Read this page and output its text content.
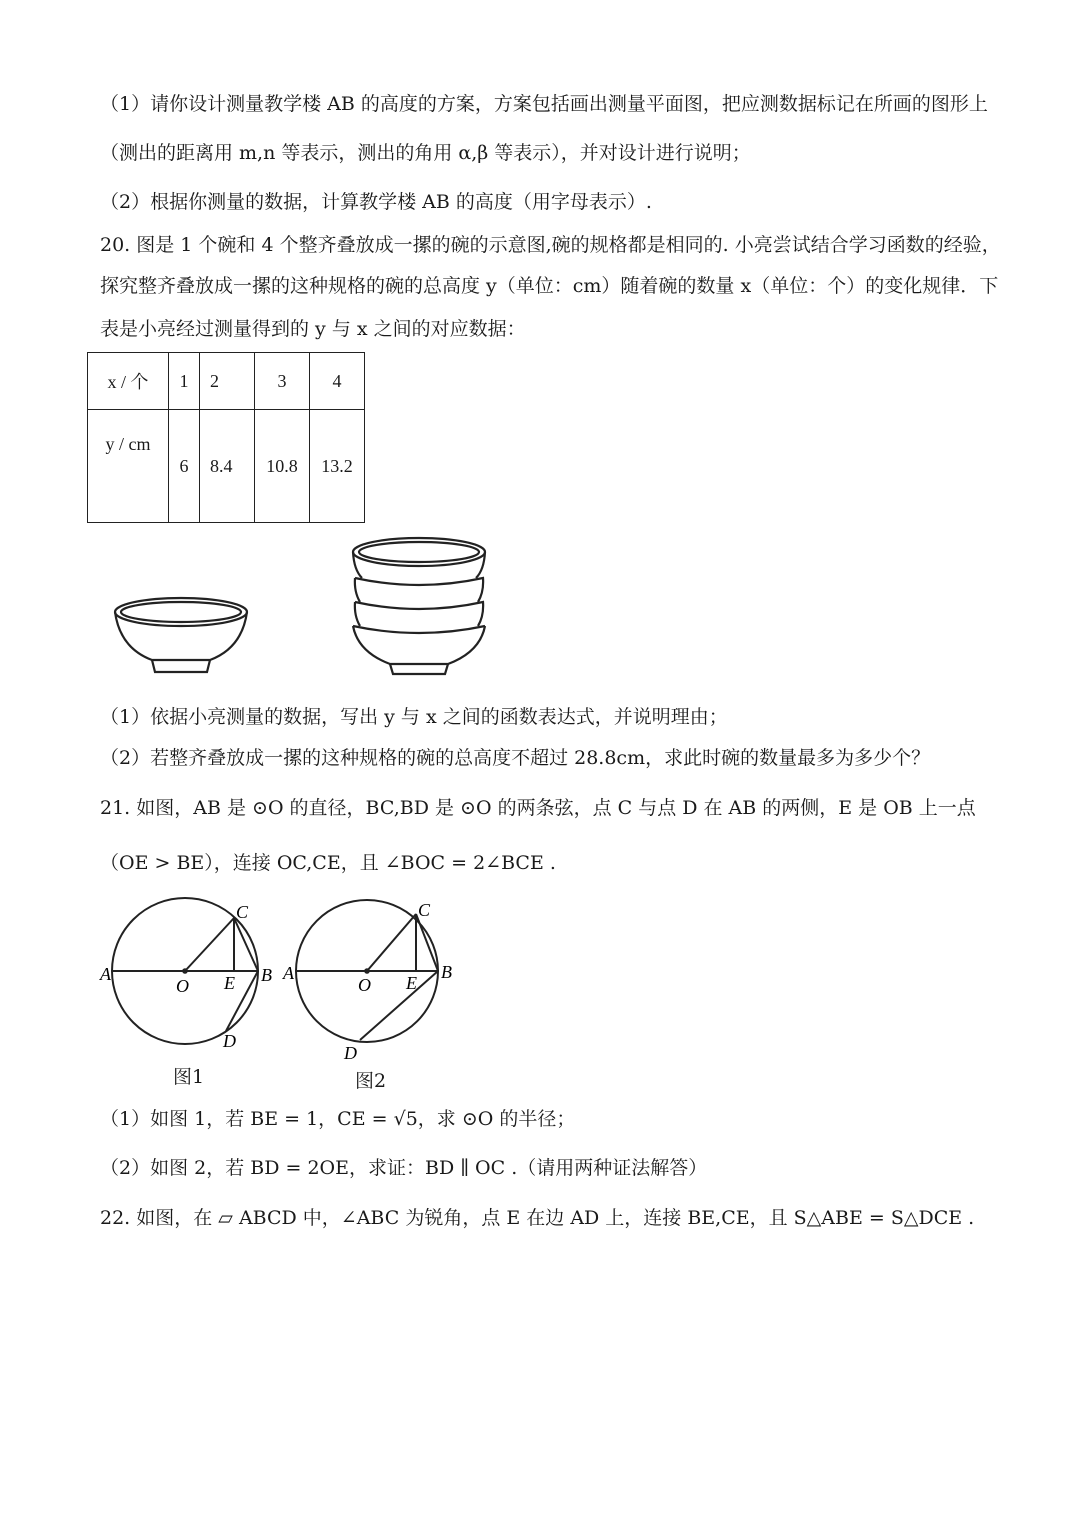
（1）请你设计测量教学楼 AB 的高度的方案，方案包括画出测量平面图，把应测数据标记在所画的图形上
（测出的距离用 m,n 等表示，测出的角用 α,β 等表示），并对设计进行说明；
（2）根据你测量的数据，计算教学楼 AB 的高度（用字母表示）.
20. 图是 1 个碗和 4 个整齐叠放成一摞的碗的示意图,碗的规格都是相同的. 小亮尝试结合学习函数的经验，
探究整齐叠放成一摞的这种规格的碗的总高度 y（单位：cm）随着碗的数量 x（单位：个）的变化规律．下
表是小亮经过测量得到的 y 与 x 之间的对应数据：
x / 个	1	2	3	4
y / cm	6	8.4	10.8	13.2
（1）依据小亮测量的数据，写出 y 与 x 之间的函数表达式，并说明理由；
（2）若整齐叠放成一摞的这种规格的碗的总高度不超过 28.8cm，求此时碗的数量最多为多少个？
21. 如图，AB 是 ⊙O 的直径，BC,BD 是 ⊙O 的两条弦，点 C 与点 D 在 AB 的两侧，E 是 OB 上一点
（OE > BE），连接 OC,CE，且 ∠BOC = 2∠BCE .
A
O E B
C
D
图1
A
O E
B
C
D
图2
（1）如图 1，若 BE = 1，CE = √5，求 ⊙O 的半径；
（2）如图 2，若 BD = 2OE，求证：BD ∥ OC .（请用两种证法解答）
22. 如图，在 ▱ ABCD 中，∠ABC 为锐角，点 E 在边 AD 上，连接 BE,CE，且 S△ABE = S△DCE .
